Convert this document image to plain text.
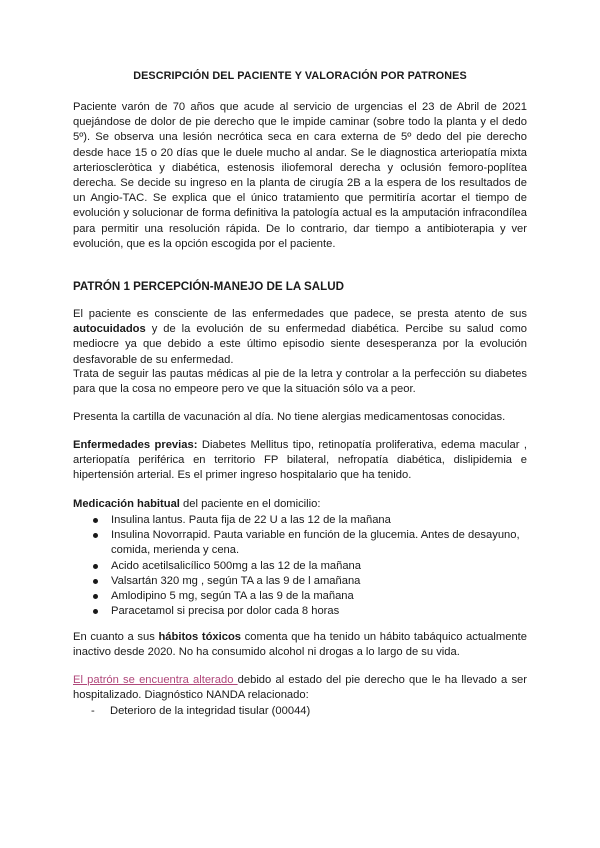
DESCRIPCIÓN DEL PACIENTE Y VALORACIÓN POR PATRONES

Paciente varón de 70 años que acude al servicio de urgencias el 23 de Abril de 2021 quejándose de dolor de pie derecho que le impide caminar (sobre todo la planta y el dedo 5º). Se observa una lesión necrótica seca en cara externa de 5º dedo del pie derecho desde hace 15 o 20 días que le duele mucho al andar. Se le diagnostica arteriopatía mixta arterioscleròtica y diabética, estenosis iliofemoral derecha y oclusión femoro-poplítea derecha. Se decide su ingreso en la planta de cirugía 2B a la espera de los resultados de un Angio-TAC. Se explica que el único tratamiento que permitiría acortar el tiempo de evolución y solucionar de forma definitiva la patología actual es la amputación infracondílea para permitir una resolución rápida. De lo contrario, dar tiempo a antibioterapia y ver evolución, que es la opción escogida por el paciente.

PATRÓN 1 PERCEPCIÓN-MANEJO DE LA SALUD

El paciente es consciente de las enfermedades que padece, se presta atento de sus autocuidados y de la evolución de su enfermedad diabética. Percibe su salud como mediocre ya que debido a este último episodio siente desesperanza por la evolución desfavorable de su enfermedad.

Trata de seguir las pautas médicas al pie de la letra y controlar a la perfección su diabetes para que la cosa no empeore pero ve que la situación sólo va a peor.

Presenta la cartilla de vacunación al día. No tiene alergias medicamentosas conocidas.

Enfermedades previas: Diabetes Mellitus tipo, retinopatía proliferativa, edema macular , arteriopatía periférica en territorio FP bilateral, nefropatía diabética, dislipidemia e hipertensión arterial. Es el primer ingreso hospitalario que ha tenido.

Medicación habitual del paciente en el domicilio:

Insulina lantus. Pauta fija de 22 U a las 12 de la mañana
Insulina Novorrapid. Pauta variable en función de la glucemia. Antes de desayuno, comida, merienda y cena.
Acido acetilsalicílico 500mg a las 12 de la mañana
Valsartán 320 mg , según TA a las 9 de l amañana
Amlodipino 5 mg, según TA a las 9 de la mañana
Paracetamol si precisa por dolor cada 8 horas

En cuanto a sus hábitos tóxicos comenta que ha tenido un hábito tabáquico actualmente inactivo desde 2020. No ha consumido alcohol ni drogas a lo largo de su vida.

El patrón se encuentra alterado debido al estado del pie derecho que le ha llevado a ser hospitalizado. Diagnóstico NANDA relacionado:

- Deterioro de la integridad tisular (00044)
